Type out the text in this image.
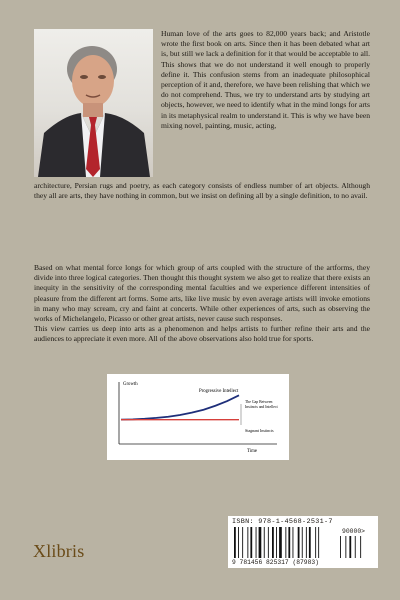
Human love of the arts goes to 82,000 years back; and Aristotle wrote the first book on arts. Since then it has been debated what art is, but still we lack a definition for it that would be acceptable to all. This shows that we do not understand it well enough to properly define it. This confusion stems from an inadequate philosophical perception of it and, therefore, we have been relishing that which we do not comprehend. Thus, we try to understand arts by studying art objects, however, we need to identify what in the mind longs for arts in its metaphysical realm to understand it. This is why we have been mixing novel, painting, music, acting,
architecture, Persian rugs and poetry, as each category consists of endless number of art objects. Although they all are arts, they have nothing in common, but we insist on defining all by a single definition, to no avail.
Based on what mental force longs for which group of arts coupled with the structure of the artforms, they divide into three logical categories. Then thought this thought system we also get to realize that there exists an inequity in the sensitivity of the corresponding mental faculties and we experience different intensities of pleasure from the different art forms. Some arts, like live music by even average artists will invoke emotions in many who may scream, cry and faint at concerts. While other experiences of arts, such as observing the works of Michelangelo, Picasso or other great artists, never cause such responses.
This view carries us deep into arts as a phenomenon and helps artists to further refine their arts and the audiences to appreciate it even more. All of the above observations also hold true for sports.
Growth
Time
Progressive Intellect
The Gap Between Instincts and Intellect
Stagnant Instincts
ISBN: 978-1-4568-2531-7
90000>
9 781456 825317 (87983)
Xlibris
